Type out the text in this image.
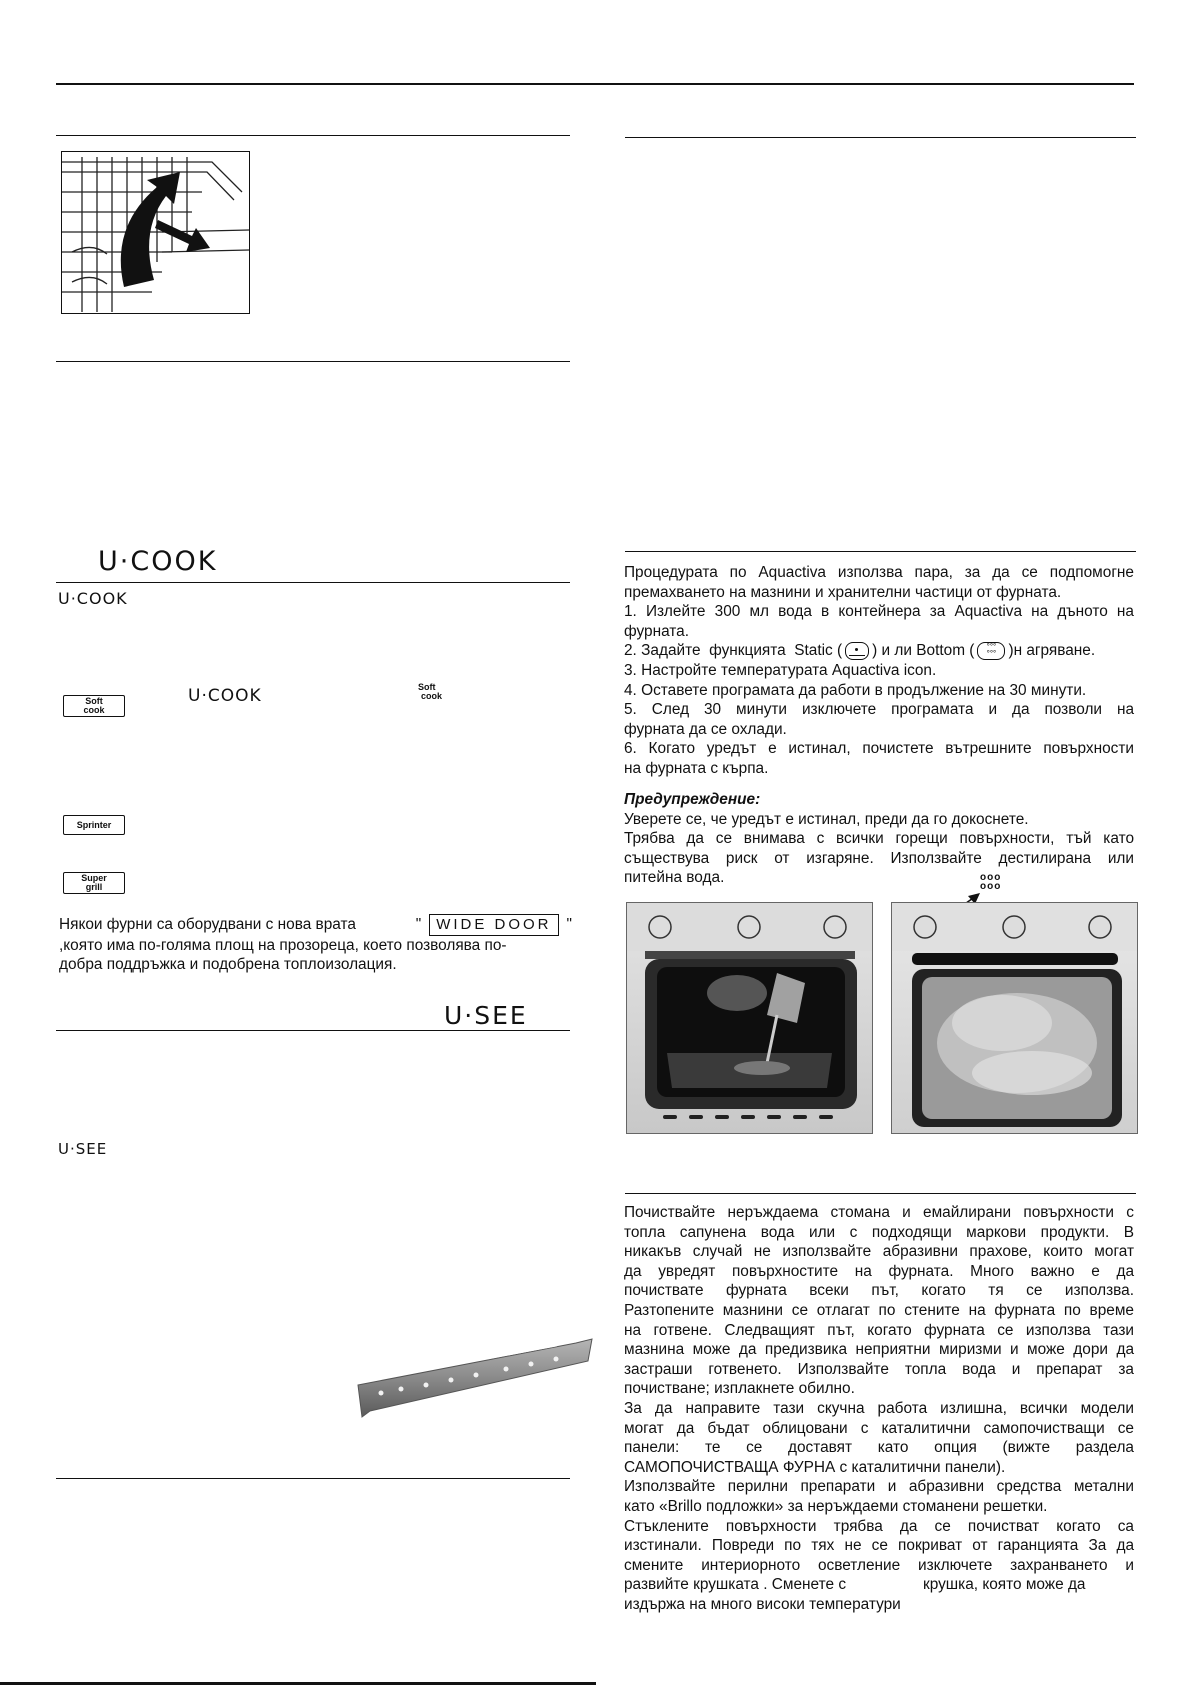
U·COOK
U·COOK
Soft
cook
U·COOK	Soft
cook
Sprinter
Super
grill
Някои фурни са оборудвани с нова врата	"	WIDE DOOR "
,която има по-голяма площ на прозореца, което позволява по-
добра поддръжка и подобрена топлоизолация.
U·SEE
U·SEE
Процедурата по Aquactiva използва пара, за да се подпомогне
премахването на мазнини и хранителни частици от фурната.
1. Излейте 300 мл вода в контейнера за Aquactiva на дъното на
фурната.
2. Задайте  функцията  Static (

) и ли Bottom (	°°°
°°° )н агряване.
3. Настройте температурата Aquactiva icon.
4. Оставете програмата да работи в продължение на 30 минути.
5. След 30 минути изключете програмата и да позволи на
фурната да се охлади.
6. Когато уредът е истинал, почистете вътрешните повърхности
на фурната с кърпа.
Предупреждение:
Уверете се, че уредът е истинал, преди да го докоснете.
Трябва да се внимава с всички горещи повърхности, тъй като
съществува риск от изгаряне. Използвайте дестилирана или
питейна вода.	ooo
ooo
Почиствайте неръждаема стомана и емайлирани повърхности с
топла сапунена вода или с подходящи маркови продукти. В
никакъв случай не използвайте абразивни прахове, които могат
да увредят повърхностите на фурната. Много важно е да
почиствате фурната всеки път, когато тя се използва.
Разтопените мазнини се отлагат по стените на фурната по време
на готвене. Следващият път, когато фурната се използва тази
мазнина може да предизвика неприятни миризми и може дори да
застраши готвенето. Използвайте топла вода и препарат за
почистване; изплакнете обилно.
За да направите тази скучна работа излишна, всички модели
могат да бъдат облицовани с каталитични самопочистващи се
панели: те се доставят като опция (вижте раздела
САМОПОЧИСТВАЩА ФУРНА с каталитични панели).
Използвайте перилни препарати и абразивни средства метални
като «Brillo подложки» за неръждаеми стоманени решетки.
Стъклените повърхности трябва да се почистват когато са
изстинали. Повреди по тях не се покриват от гаранцията За да
смените интериорното осветление изключете захранването и
развийте крушката . Сменете с                  крушка, която може да
издържа на много високи температури
